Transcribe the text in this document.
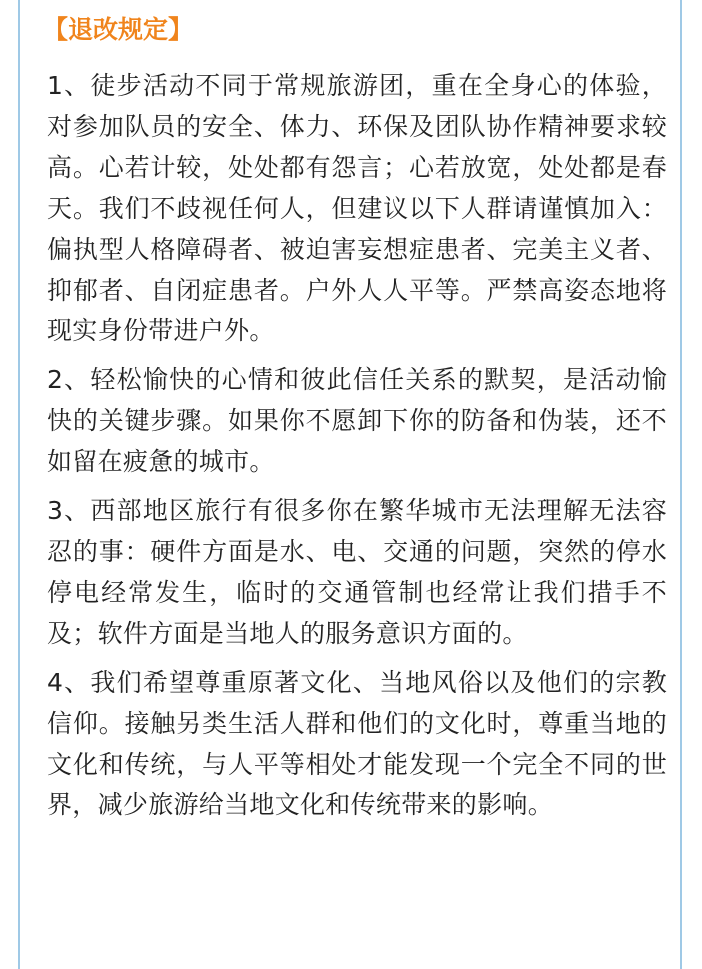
【退改规定】

1、徒步活动不同于常规旅游团，重在全身心的体验，对参加队员的安全、体力、环保及团队协作精神要求较高。心若计较，处处都有怨言；心若放宽，处处都是春天。我们不歧视任何人，但建议以下人群请谨慎加入：偏执型人格障碍者、被迫害妄想症患者、完美主义者、抑郁者、自闭症患者。户外人人平等。严禁高姿态地将现实身份带进户外。

2、轻松愉快的心情和彼此信任关系的默契，是活动愉快的关键步骤。如果你不愿卸下你的防备和伪装，还不如留在疲惫的城市。

3、西部地区旅行有很多你在繁华城市无法理解无法容忍的事：硬件方面是水、电、交通的问题，突然的停水停电经常发生，临时的交通管制也经常让我们措手不及；软件方面是当地人的服务意识方面的。

4、我们希望尊重原著文化、当地风俗以及他们的宗教信仰。接触另类生活人群和他们的文化时，尊重当地的文化和传统，与人平等相处才能发现一个完全不同的世界，减少旅游给当地文化和传统带来的影响。
